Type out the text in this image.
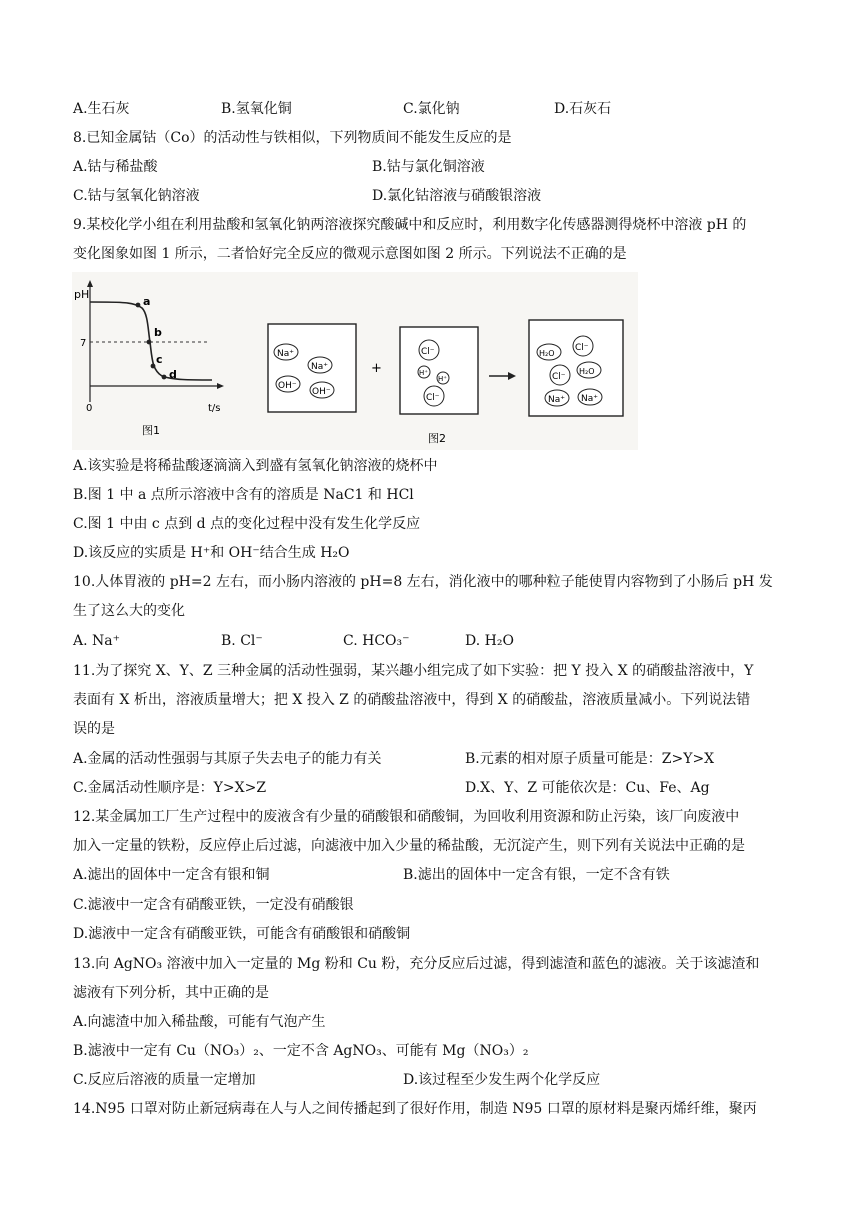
A.生石灰	B.氢氧化铜	C.氯化钠	D.石灰石
8.已知金属钴（Co）的活动性与铁相似，下列物质间不能发生反应的是
A.钴与稀盐酸	B.钴与氯化铜溶液
C.钴与氢氧化钠溶液	D.氯化钴溶液与硝酸银溶液
9.某校化学小组在利用盐酸和氢氧化钠两溶液探究酸碱中和反应时，利用数字化传感器测得烧杯中溶液 pH 的
变化图象如图 1 所示，二者恰好完全反应的微观示意图如图 2 所示。下列说法不正确的是
pH
0
7
t/s
a
b
c
d
图1
Na⁺
Na⁺
OH⁻
OH⁻
+
Cl⁻
H⁺
H⁺
Cl⁻
图2
H₂O
Cl⁻
Cl⁻
H₂O
Na⁺ Na⁺
A.该实验是将稀盐酸逐滴滴入到盛有氢氧化钠溶液的烧杯中
B.图 1 中 a 点所示溶液中含有的溶质是 NaC1 和 HCl
C.图 1 中由 c 点到 d 点的变化过程中没有发生化学反应
D.该反应的实质是 H⁺和 OH⁻结合生成 H₂O
10.人体胃液的 pH=2 左右，而小肠内溶液的 pH=8 左右，消化液中的哪种粒子能使胃内容物到了小肠后 pH 发
生了这么大的变化
A. Na⁺	B. Cl⁻	C. HCO₃⁻	D. H₂O
11.为了探究 X、Y、Z 三种金属的活动性强弱，某兴趣小组完成了如下实验：把 Y 投入 X 的硝酸盐溶液中，Y
表面有 X 析出，溶液质量增大；把 X 投入 Z 的硝酸盐溶液中，得到 X 的硝酸盐，溶液质量减小。下列说法错
误的是
A.金属的活动性强弱与其原子失去电子的能力有关	B.元素的相对原子质量可能是：Z>Y>X
C.金属活动性顺序是：Y>X>Z	D.X、Y、Z 可能依次是：Cu、Fe、Ag
12.某金属加工厂生产过程中的废液含有少量的硝酸银和硝酸铜，为回收利用资源和防止污染，该厂向废液中
加入一定量的铁粉，反应停止后过滤，向滤液中加入少量的稀盐酸，无沉淀产生，则下列有关说法中正确的是
A.滤出的固体中一定含有银和铜	B.滤出的固体中一定含有银，一定不含有铁
C.滤液中一定含有硝酸亚铁，一定没有硝酸银
D.滤液中一定含有硝酸亚铁，可能含有硝酸银和硝酸铜
13.向 AgNO₃ 溶液中加入一定量的 Mg 粉和 Cu 粉，充分反应后过滤，得到滤渣和蓝色的滤液。关于该滤渣和
滤液有下列分析，其中正确的是
A.向滤渣中加入稀盐酸，可能有气泡产生
B.滤液中一定有 Cu（NO₃）₂、一定不含 AgNO₃、可能有 Mg（NO₃）₂
C.反应后溶液的质量一定增加	D.该过程至少发生两个化学反应
14.N95 口罩对防止新冠病毒在人与人之间传播起到了很好作用，制造 N95 口罩的原材料是聚丙烯纤维，聚丙
